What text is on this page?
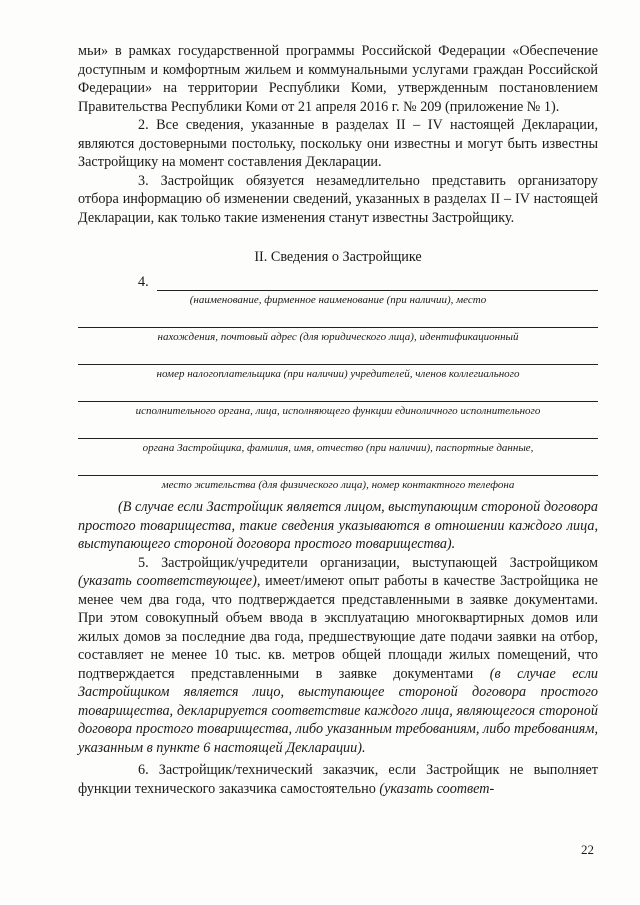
мьи» в рамках государственной программы Российской Федерации «Обеспечение доступным и комфортным жильем и коммунальными услугами граждан Российской Федерации» на территории Республики Коми, утвержденным постановлением Правительства Республики Коми от 21 апреля 2016 г. № 209 (приложение № 1).

2. Все сведения, указанные в разделах II – IV настоящей Декларации, являются достоверными постольку, поскольку они известны и могут быть известны Застройщику на момент составления Декларации.

3. Застройщик обязуется незамедлительно представить организатору отбора информацию об изменении сведений, указанных в разделах II – IV настоящей Декларации, как только такие изменения станут известны Застройщику.

II. Сведения о Застройщике
4.
(наименование, фирменное наименование (при наличии), место
нахождения, почтовый адрес (для юридического лица), идентификационный
номер налогоплательщика (при наличии) учредителей, членов коллегиального
исполнительного органа, лица, исполняющего функции единоличного исполнительного
органа Застройщика, фамилия, имя, отчество (при наличии), паспортные данные,
место жительства (для физического лица), номер контактного телефона

(В случае если Застройщик является лицом, выступающим стороной договора простого товарищества, такие сведения указываются в отношении каждого лица, выступающего стороной договора простого товарищества).

5. Застройщик/учредители организации, выступающей Застройщиком (указать соответствующее), имеет/имеют опыт работы в качестве Застройщика не менее чем два года, что подтверждается представленными в заявке документами. При этом совокупный объем ввода в эксплуатацию многоквартирных домов или жилых домов за последние два года, предшествующие дате подачи заявки на отбор, составляет не менее 10 тыс. кв. метров общей площади жилых помещений, что подтверждается представленными в заявке документами (в случае если Застройщиком является лицо, выступающее стороной договора простого товарищества, декларируется соответствие каждого лица, являющегося стороной договора простого товарищества, либо указанным требованиям, либо требованиям, указанным в пункте 6 настоящей Декларации).

6. Застройщик/технический заказчик, если Застройщик не выполняет функции технического заказчика самостоятельно (указать соответ-

22
